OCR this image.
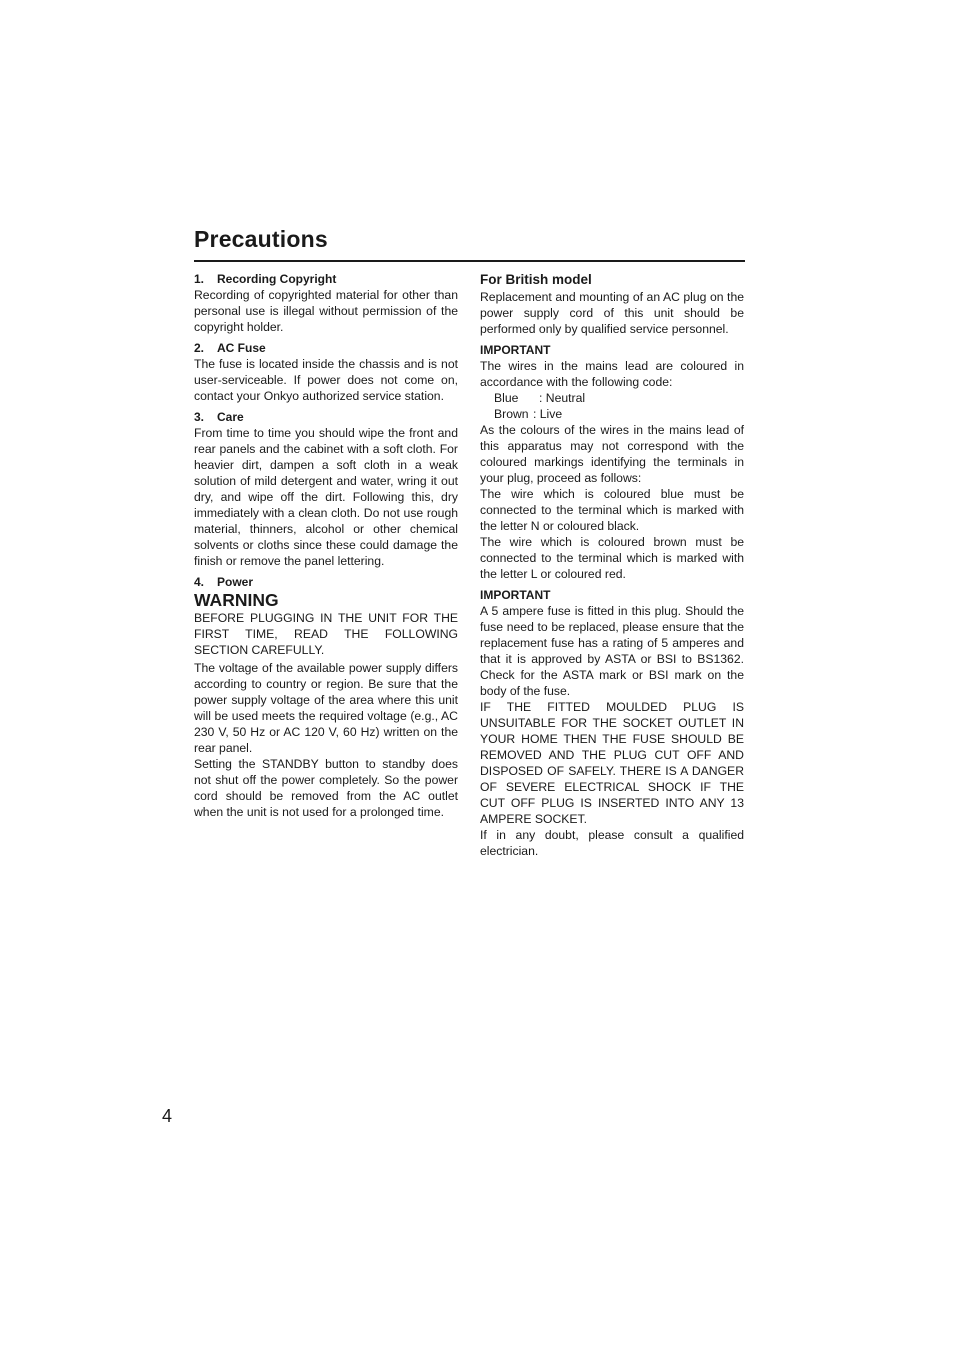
Precautions

1. Recording Copyright

Recording of copyrighted material for other than personal use is illegal without permission of the copyright holder.

2. AC Fuse

The fuse is located inside the chassis and is not user-serviceable. If power does not come on, contact your Onkyo authorized service station.

3. Care

From time to time you should wipe the front and rear panels and the cabinet with a soft cloth. For heavier dirt, dampen a soft cloth in a weak solution of mild detergent and water, wring it out dry, and wipe off the dirt. Following this, dry immediately with a clean cloth. Do not use rough material, thinners, alcohol or other chemical solvents or cloths since these could damage the finish or remove the panel lettering.

4. Power

WARNING

BEFORE PLUGGING IN THE UNIT FOR THE FIRST TIME, READ THE FOLLOWING SECTION CAREFULLY.

The voltage of the available power supply differs according to country or region. Be sure that the power supply voltage of the area where this unit will be used meets the required voltage (e.g., AC 230 V, 50 Hz or AC 120 V, 60 Hz) written on the rear panel.

Setting the STANDBY button to standby does not shut off the power completely. So the power cord should be removed from the AC outlet when the unit is not used for a prolonged time.

For British model

Replacement and mounting of an AC plug on the power supply cord of this unit should be performed only by qualified service personnel.

IMPORTANT

The wires in the mains lead are coloured in accordance with the following code:

Blue : Neutral

Brown : Live

As the colours of the wires in the mains lead of this apparatus may not correspond with the coloured markings identifying the terminals in your plug, proceed as follows:

The wire which is coloured blue must be connected to the terminal which is marked with the letter N or coloured black.

The wire which is coloured brown must be connected to the terminal which is marked with the letter L or coloured red.

IMPORTANT

A 5 ampere fuse is fitted in this plug. Should the fuse need to be replaced, please ensure that the replacement fuse has a rating of 5 amperes and that it is approved by ASTA or BSI to BS1362. Check for the ASTA mark or BSI mark on the body of the fuse.

IF THE FITTED MOULDED PLUG IS UNSUITABLE FOR THE SOCKET OUTLET IN YOUR HOME THEN THE FUSE SHOULD BE REMOVED AND THE PLUG CUT OFF AND DISPOSED OF SAFELY. THERE IS A DANGER OF SEVERE ELECTRICAL SHOCK IF THE CUT OFF PLUG IS INSERTED INTO ANY 13 AMPERE SOCKET.

If in any doubt, please consult a qualified electrician.

4
